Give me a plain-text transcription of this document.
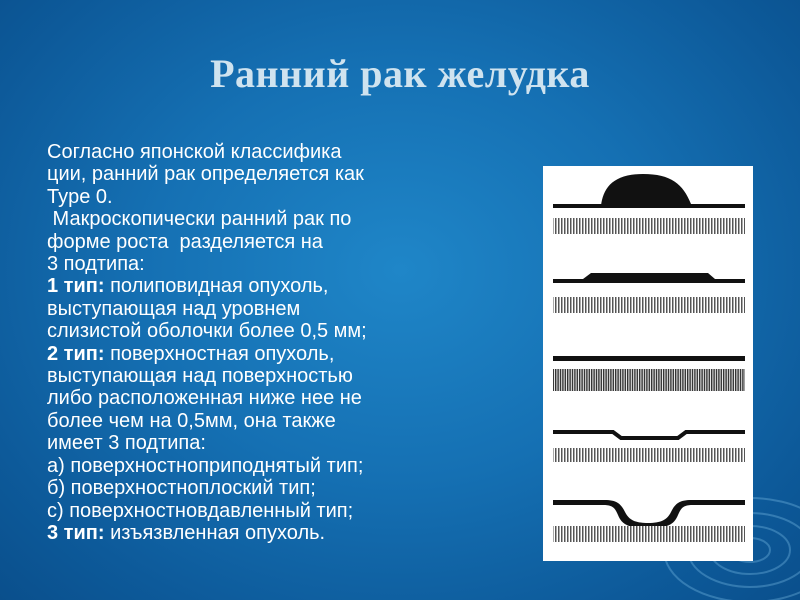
Ранний рак желудка
Согласно японской классифика
ции, ранний рак определяется как
Type 0.
Макроскопически ранний рак по
форме роста  разделяется на
3 подтипа:
1 тип: полиповидная опухоль,
выступающая над уровнем
слизистой оболочки более 0,5 мм;
2 тип: поверхностная опухоль,
выступающая над поверхностью
либо расположенная ниже нее не
более чем на 0,5мм, она также
имеет 3 подтипа:
а) поверхностноприподнятый тип;
б) поверхностноплоский тип;
с) поверхностновдавленный тип;
3 тип: изъязвленная опухоль.
